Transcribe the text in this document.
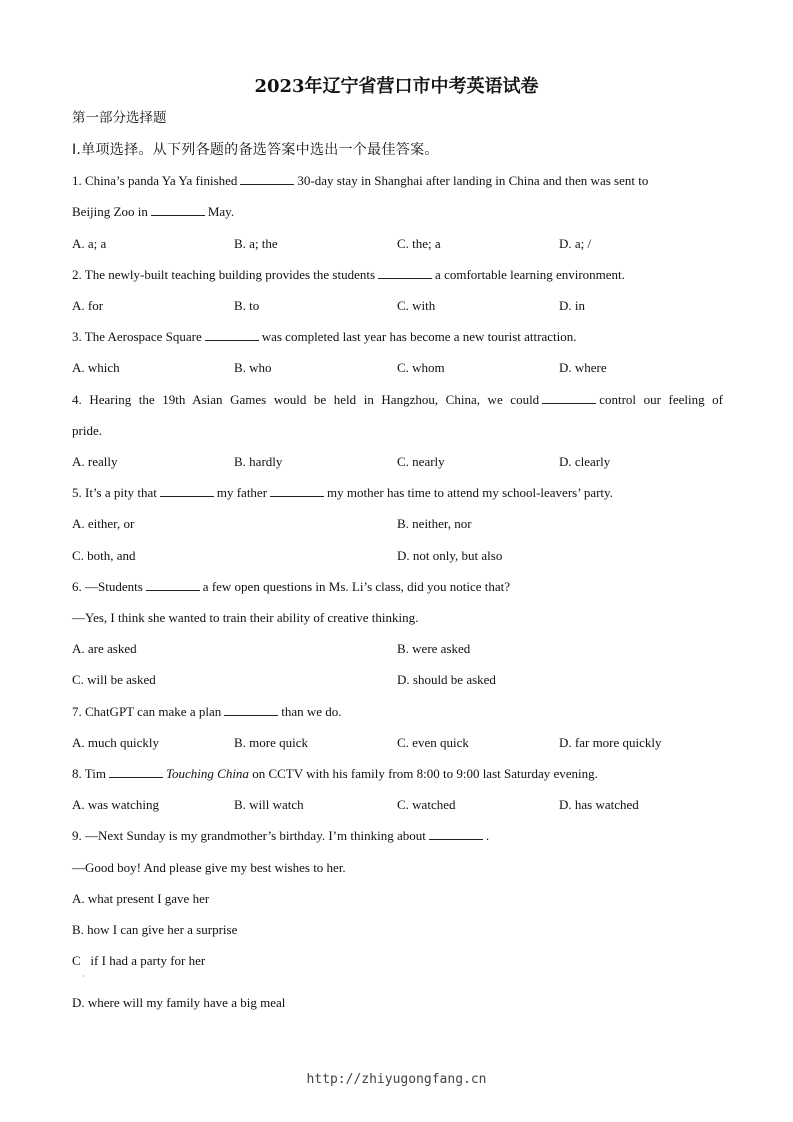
2023年辽宁省营口市中考英语试卷
第一部分选择题
Ⅰ.单项选择。从下列各题的备选答案中选出一个最佳答案。
1. China’s panda Ya Ya finished	30-day stay in Shanghai after landing in China and then was sent to
Beijing Zoo in	May.
A. a; a	B. a; the	C. the; a	D. a; /
2. The newly-built teaching building provides the students	a comfortable learning environment.
A. for	B. to	C. with	D. in
3. The Aerospace Square	was completed last year has become a new tourist attraction.
A. which	B. who	C. whom	D. where
4. Hearing the 19th Asian Games would be held in Hangzhou, China, we could	control our feeling of
pride.
A. really	B. hardly	C. nearly	D. clearly
5. It’s a pity that	my father	my mother has time to attend my school-leavers’ party.
A. either, or	B. neither, nor
C. both, and	D. not only, but also
6. —Students	a few open questions in Ms. Li’s class, did you notice that?
—Yes, I think she wanted to train their ability of creative thinking.
A. are asked	B. were asked
C. will be asked	D. should be asked
7. ChatGPT can make a plan	than we do.
A. much quickly	B. more quick	C. even quick	D. far more quickly
8. Tim	Touching China on CCTV with his family from 8:00 to 9:00 last Saturday evening.
A. was watching	B. will watch	C. watched	D. has watched
9. —Next Sunday is my grandmother’s birthday. I’m thinking about	.
—Good boy! And please give my best wishes to her.
A. what present I gave her
B. how I can give her a surprise
C   if I had a party for her
·
D. where will my family have a big meal
http://zhiyugongfang.cn
